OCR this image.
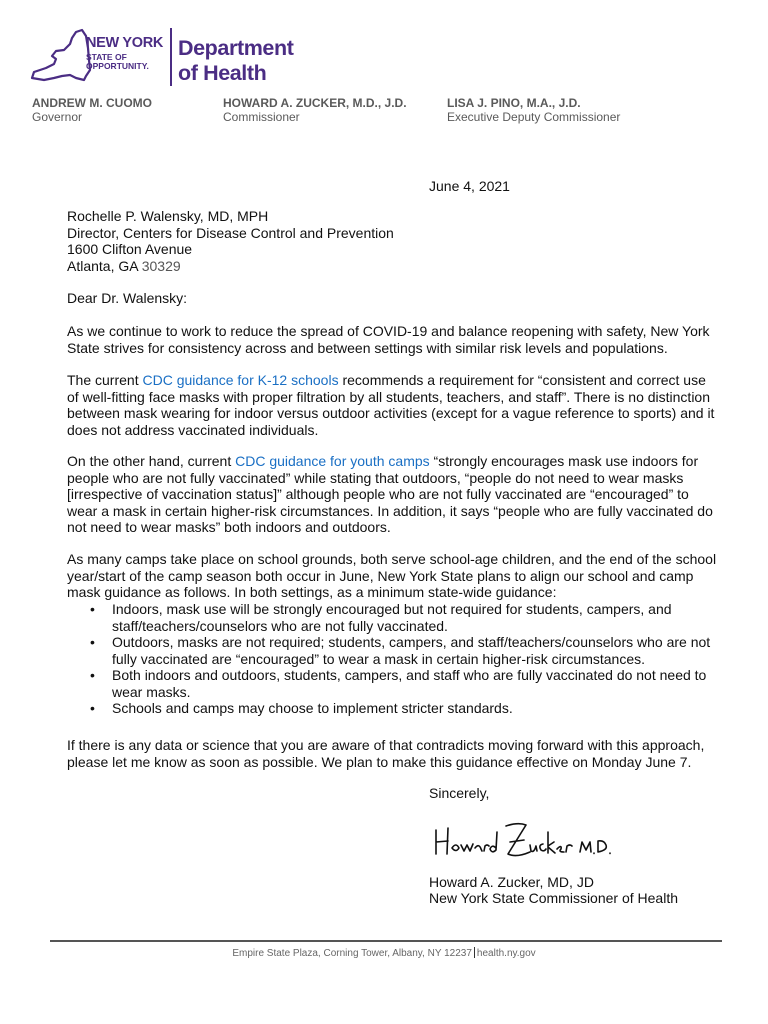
NEW YORK
STATE OF
OPPORTUNITY.
Department
of Health
ANDREW M. CUOMO
Governor
HOWARD A. ZUCKER, M.D., J.D.
Commissioner
LISA J. PINO, M.A., J.D.
Executive Deputy Commissioner
June 4, 2021
Rochelle P. Walensky, MD, MPH
Director, Centers for Disease Control and Prevention
1600 Clifton Avenue
Atlanta, GA 30329
Dear Dr. Walensky:
As we continue to work to reduce the spread of COVID-19 and balance reopening with safety, New York State strives for consistency across and between settings with similar risk levels and populations.
The current CDC guidance for K-12 schools recommends a requirement for “consistent and correct use of well-fitting face masks with proper filtration by all students, teachers, and staff”. There is no distinction between mask wearing for indoor versus outdoor activities (except for a vague reference to sports) and it does not address vaccinated individuals.
On the other hand, current CDC guidance for youth camps “strongly encourages mask use indoors for people who are not fully vaccinated” while stating that outdoors, “people do not need to wear masks [irrespective of vaccination status]” although people who are not fully vaccinated are “encouraged” to wear a mask in certain higher-risk circumstances. In addition, it says “people who are fully vaccinated do not need to wear masks” both indoors and outdoors.
As many camps take place on school grounds, both serve school-age children, and the end of the school year/start of the camp season both occur in June, New York State plans to align our school and camp mask guidance as follows. In both settings, as a minimum state-wide guidance:
• Indoors, mask use will be strongly encouraged but not required for students, campers, and staff/teachers/counselors who are not fully vaccinated.
• Outdoors, masks are not required; students, campers, and staff/teachers/counselors who are not fully vaccinated are “encouraged” to wear a mask in certain higher-risk circumstances.
• Both indoors and outdoors, students, campers, and staff who are fully vaccinated do not need to wear masks.
• Schools and camps may choose to implement stricter standards.
If there is any data or science that you are aware of that contradicts moving forward with this approach, please let me know as soon as possible. We plan to make this guidance effective on Monday June 7.
Sincerely,
Howard A. Zucker, MD, JD
New York State Commissioner of Health
Empire State Plaza, Corning Tower, Albany, NY 12237 health.ny.gov
